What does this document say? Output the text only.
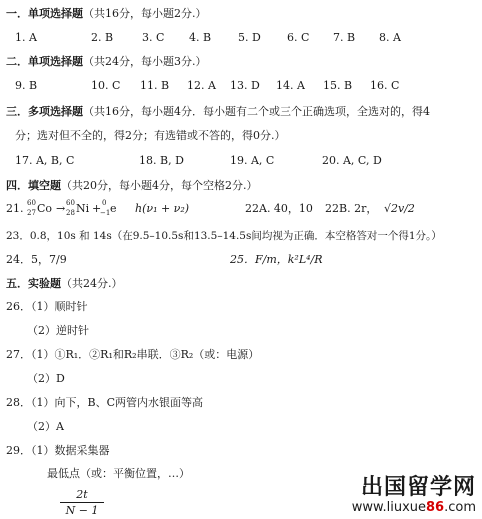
一．单项选择题（共16分，每小题2分.）
1. A	2. B	3. C 4. B 5. D 6. C 7. B 8. A
二．单项选择题（共24分，每小题3分.）
9. B	10. C 11. B 12. A 13. D 14. A 15. B 16. C
三．多项选择题（共16分，每小题4分．每小题有二个或三个正确选项，全选对的，得4
分；选对但不全的，得2分；有选错或不答的，得0分.）
17. A, B, C	18. B, D	19. A, C	20. A, C, D
四．填空题（共20分，每小题4分，每个空格2分.）
21. 60
27 Co → 60
28 Ni + 0
−1 e h(ν₁ + ν₂)	22A. 40，10 22B. 2r， √2v/2
23．0.8，10s 和 14s（在9.5–10.5s和13.5–14.5s间均视为正确．本空格答对一个得1分。）
24．5，7/9	25．F/m，k²L⁴/R
五．实验题（共24分.）
26．（1）顺时针
（2）逆时针
27．（1）①R₁．②R₁和R₂串联．③R₂（或：电源）
（2）D
28．（1）向下，B、C两管内水银面等高
（2）A
29．（1）数据采集器
最低点（或：平衡位置，…）
2t
N − 1
出国留学网
www.liuxue86.com
